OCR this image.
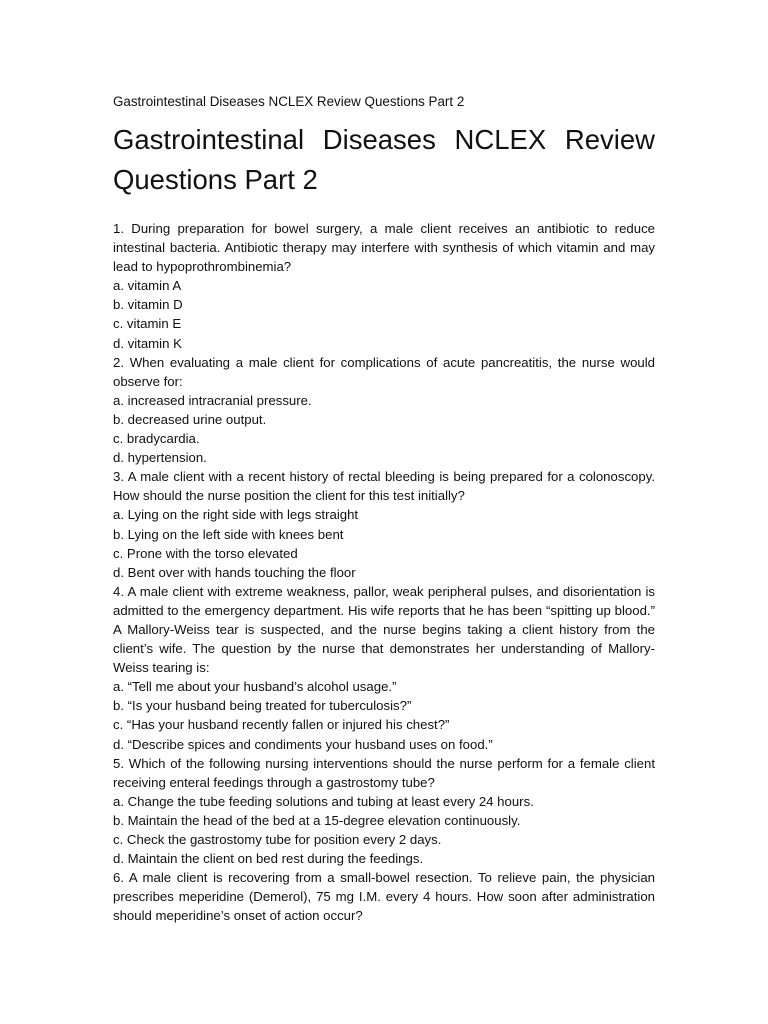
Gastrointestinal Diseases NCLEX Review Questions Part 2
Gastrointestinal Diseases NCLEX Review
Questions Part 2

1. During preparation for bowel surgery, a male client receives an antibiotic to reduce intestinal bacteria. Antibiotic therapy may interfere with synthesis of which vitamin and may lead to hypoprothrombinemia?

a. vitamin A

b. vitamin D

c. vitamin E

d. vitamin K

2. When evaluating a male client for complications of acute pancreatitis, the nurse would observe for:

a. increased intracranial pressure.

b. decreased urine output.

c. bradycardia.

d. hypertension.

3. A male client with a recent history of rectal bleeding is being prepared for a colonoscopy. How should the nurse position the client for this test initially?

a. Lying on the right side with legs straight

b. Lying on the left side with knees bent

c. Prone with the torso elevated

d. Bent over with hands touching the floor

4. A male client with extreme weakness, pallor, weak peripheral pulses, and disorientation is admitted to the emergency department. His wife reports that he has been “spitting up blood.” A Mallory-Weiss tear is suspected, and the nurse begins taking a client history from the client’s wife. The question by the nurse that demonstrates her understanding of Mallory-Weiss tearing is:

a. “Tell me about your husband’s alcohol usage.”

b. “Is your husband being treated for tuberculosis?”

c. “Has your husband recently fallen or injured his chest?”

d. “Describe spices and condiments your husband uses on food.”

5. Which of the following nursing interventions should the nurse perform for a female client receiving enteral feedings through a gastrostomy tube?

a. Change the tube feeding solutions and tubing at least every 24 hours.

b. Maintain the head of the bed at a 15-degree elevation continuously.

c. Check the gastrostomy tube for position every 2 days.

d. Maintain the client on bed rest during the feedings.

6. A male client is recovering from a small-bowel resection. To relieve pain, the physician prescribes meperidine (Demerol), 75 mg I.M. every 4 hours. How soon after administration should meperidine’s onset of action occur?
